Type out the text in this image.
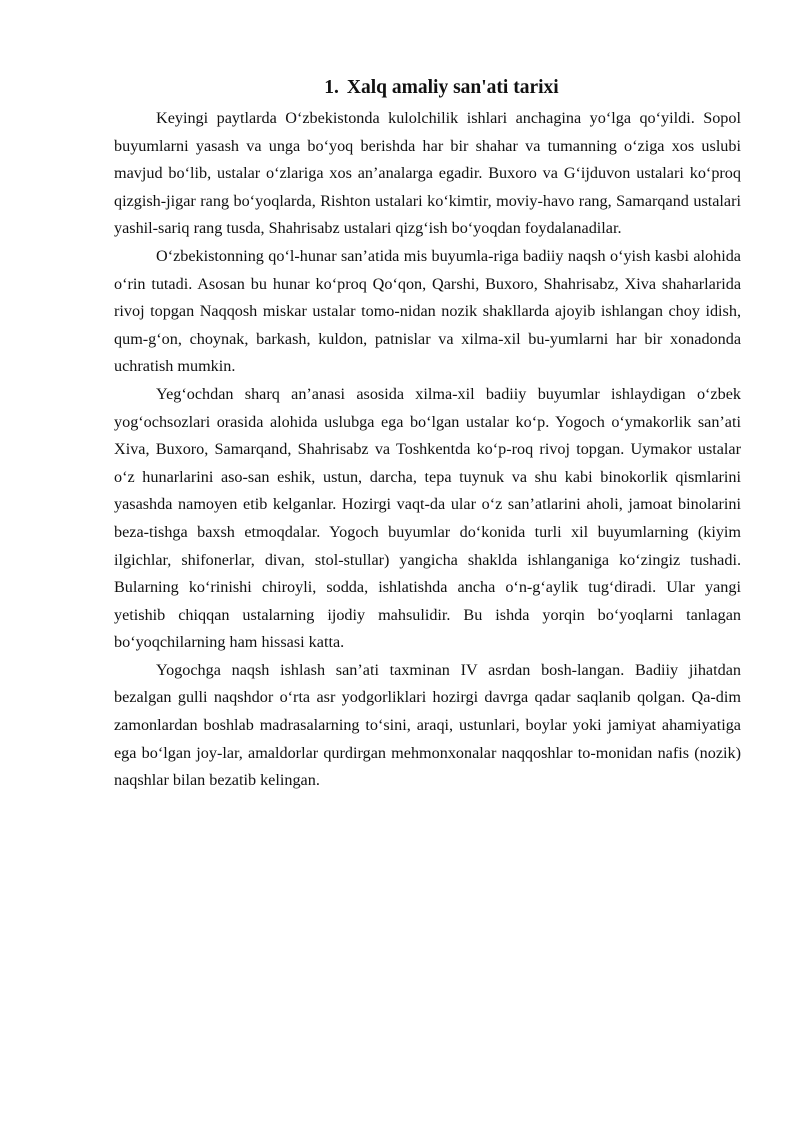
1. Xalq amaliy san'ati tarixi

Keyingi paytlarda O‘zbekistonda kulolchilik ishlari anchagina yo‘lga qo‘yildi. Sopol buyumlarni yasash va unga bo‘yoq berishda har bir shahar va tumanning o‘ziga xos uslubi mavjud bo‘lib, ustalar o‘zlariga xos an’analarga egadir. Buxoro va G‘ijduvon ustalari ko‘proq qizgish-jigar rang bo‘yoqlarda, Rishton ustalari ko‘kimtir, moviy-havo rang, Samarqand ustalari yashil-sariq rang tusda, Shahrisabz ustalari qizg‘ish bo‘yoqdan foydalanadilar.

O‘zbekistonning qo‘l-hunar san’atida mis buyumla-riga badiiy naqsh o‘yish kasbi alohida o‘rin tutadi. Asosan bu hunar ko‘proq Qo‘qon, Qarshi, Buxoro, Shahrisabz, Xiva shaharlarida rivoj topgan Naqqosh miskar ustalar tomo-nidan nozik shakllarda ajoyib ishlangan choy idish, qum-g‘on, choynak, barkash, kuldon, patnislar va xilma-xil bu-yumlarni har bir xonadonda uchratish mumkin.

Yeg‘ochdan sharq an’anasi asosida xilma-xil badiiy buyumlar ishlaydigan o‘zbek yog‘ochsozlari orasida alohida uslubga ega bo‘lgan ustalar ko‘p. Yogoch o‘ymakorlik san’ati Xiva, Buxoro, Samarqand, Shahrisabz va Toshkentda ko‘p-roq rivoj topgan. Uymakor ustalar o‘z hunarlarini aso-san eshik, ustun, darcha, tepa tuynuk va shu kabi binokorlik qismlarini yasashda namoyen etib kelganlar. Hozirgi vaqt-da ular o‘z san’atlarini aholi, jamoat binolarini beza-tishga baxsh etmoqdalar. Yogoch buyumlar do‘konida turli xil buyumlarning (kiyim ilgichlar, shifonerlar, divan, stol-stullar) yangicha shaklda ishlanganiga ko‘zingiz tushadi. Bularning ko‘rinishi chiroyli, sodda, ishlatishda ancha o‘n-g‘aylik tug‘diradi. Ular yangi yetishib chiqqan ustalarning ijodiy mahsulidir. Bu ishda yorqin bo‘yoqlarni tanlagan bo‘yoqchilarning ham hissasi katta.

Yogochga naqsh ishlash san’ati taxminan IV asrdan bosh-langan. Badiiy jihatdan bezalgan gulli naqshdor o‘rta asr yodgorliklari hozirgi davrga qadar saqlanib qolgan. Qa-dim zamonlardan boshlab madrasalarning to‘sini, araqi, ustunlari, boylar yoki jamiyat ahamiyatiga ega bo‘lgan joy-lar, amaldorlar qurdirgan mehmonxonalar naqqoshlar to-monidan nafis (nozik) naqshlar bilan bezatib kelingan.
